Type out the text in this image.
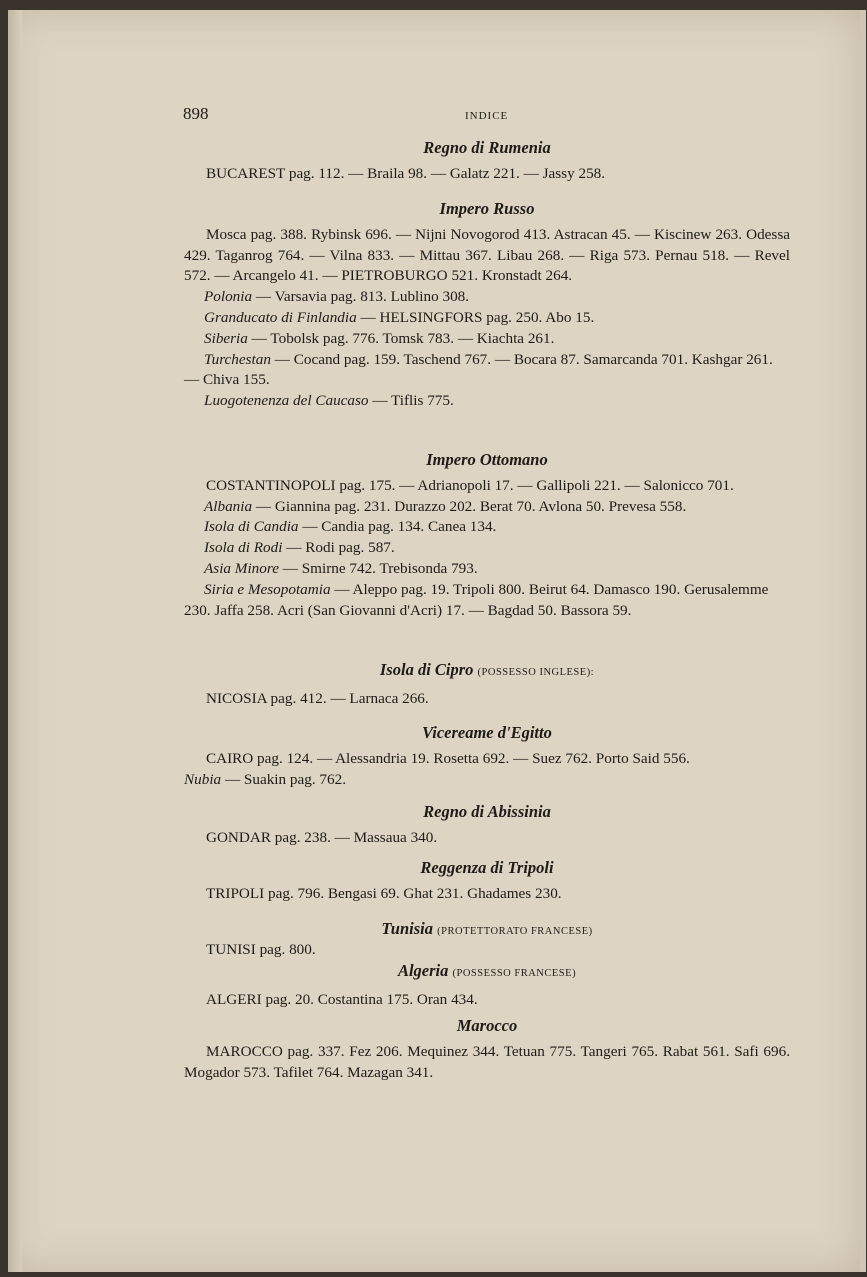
898	INDICE
Regno di Rumenia

BUCAREST pag. 112. — Braila 98. — Galatz 221. — Jassy 258.

Impero Russo

Mosca pag. 388. Rybinsk 696. — Nijni Novogorod 413. Astracan 45. — Kiscinew 263. Odessa 429. Taganrog 764. — Vilna 833. — Mittau 367. Libau 268. — Riga 573. Pernau 518. — Revel 572. — Arcangelo 41. — PIETROBURGO 521. Kronstadt 264.

Polonia — Varsavia pag. 813. Lublino 308.

Granducato di Finlandia — HELSINGFORS pag. 250. Abo 15.

Siberia — Tobolsk pag. 776. Tomsk 783. — Kiachta 261.

Turchestan — Cocand pag. 159. Taschend 767. — Bocara 87. Samarcanda 701. Kashgar 261. — Chiva 155.

Luogotenenza del Caucaso — Tiflis 775.

Impero Ottomano

COSTANTINOPOLI pag. 175. — Adrianopoli 17. — Gallipoli 221. — Salonicco 701.

Albania — Giannina pag. 231. Durazzo 202. Berat 70. Avlona 50. Prevesa 558.

Isola di Candia — Candia pag. 134. Canea 134.

Isola di Rodi — Rodi pag. 587.

Asia Minore — Smirne 742. Trebisonda 793.

Siria e Mesopotamia — Aleppo pag. 19. Tripoli 800. Beirut 64. Damasco 190. Gerusalemme 230. Jaffa 258. Acri (San Giovanni d'Acri) 17. — Bagdad 50. Bassora 59.

Isola di Cipro (POSSESSO INGLESE):

NICOSIA pag. 412. — Larnaca 266.

Vicereame d'Egitto

CAIRO pag. 124. — Alessandria 19. Rosetta 692. — Suez 762. Porto Said 556.

Nubia — Suakin pag. 762.

Regno di Abissinia

GONDAR pag. 238. — Massaua 340.

Reggenza di Tripoli

TRIPOLI pag. 796. Bengasi 69. Ghat 231. Ghadames 230.

Tunisia (PROTETTORATO FRANCESE)

TUNISI pag. 800.

Algeria (POSSESSO FRANCESE)

ALGERI pag. 20. Costantina 175. Oran 434.

Marocco

MAROCCO pag. 337. Fez 206. Mequinez 344. Tetuan 775. Tangeri 765. Rabat 561. Safi 696. Mogador 573. Tafilet 764. Mazagan 341.
